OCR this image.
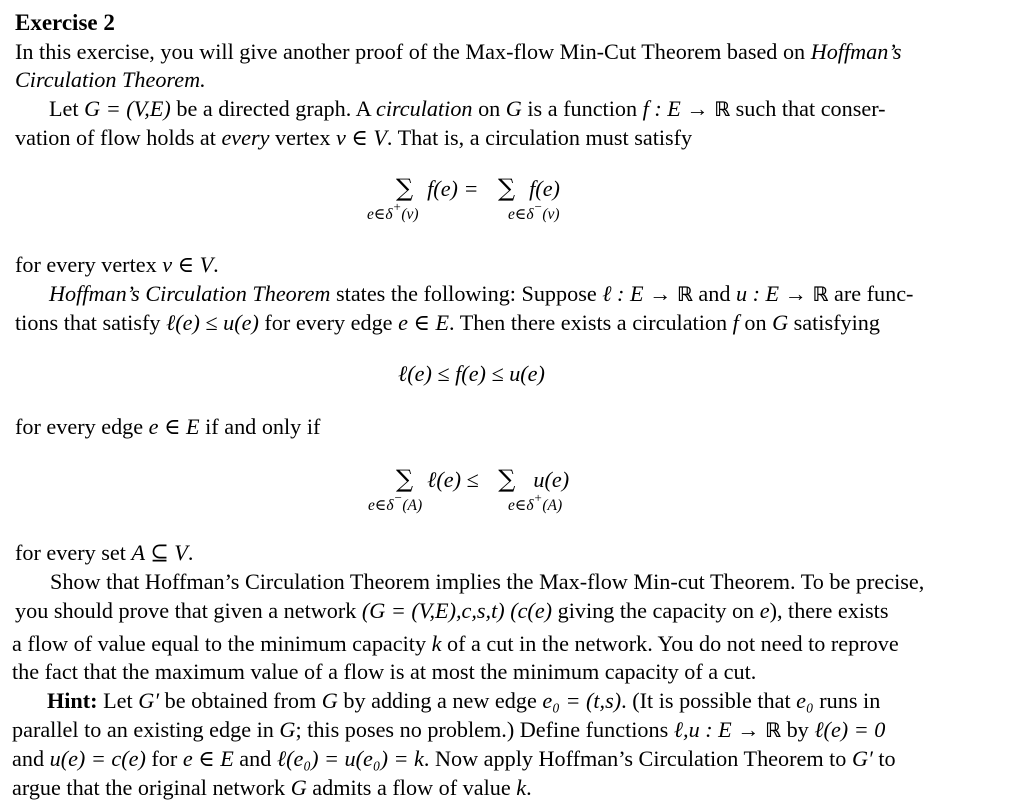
Exercise 2
In this exercise, you will give another proof of the Max-flow Min-Cut Theorem based on Hoffman’s
Circulation Theorem.
Let G = (V,E) be a directed graph. A circulation on G is a function f : E → ℝ such that conser-
vation of flow holds at every vertex v ∈ V. That is, a circulation must satisfy
∑ f(e) = ∑ f(e)
e∈δ+(v)	e∈δ−(v)
for every vertex v ∈ V.
Hoffman’s Circulation Theorem states the following: Suppose ℓ : E → ℝ and u : E → ℝ are func-
tions that satisfy ℓ(e) ≤ u(e) for every edge e ∈ E. Then there exists a circulation f on G satisfying
ℓ(e) ≤ f(e) ≤ u(e)
for every edge e ∈ E if and only if
∑ ℓ(e) ≤ ∑ u(e)
e∈δ−(A)	e∈δ+(A)
for every set A ⊆ V.
Show that Hoffman’s Circulation Theorem implies the Max-flow Min-cut Theorem. To be precise,
you should prove that given a network (G = (V,E),c,s,t) (c(e) giving the capacity on e), there exists
a flow of value equal to the minimum capacity k of a cut in the network. You do not need to reprove
the fact that the maximum value of a flow is at most the minimum capacity of a cut.
Hint: Let G′ be obtained from G by adding a new edge e₀ = (t,s). (It is possible that e₀ runs in
parallel to an existing edge in G; this poses no problem.) Define functions ℓ,u : E → ℝ by ℓ(e) = 0
and u(e) = c(e) for e ∈ E and ℓ(e₀) = u(e₀) = k. Now apply Hoffman’s Circulation Theorem to G′ to
argue that the original network G admits a flow of value k.
